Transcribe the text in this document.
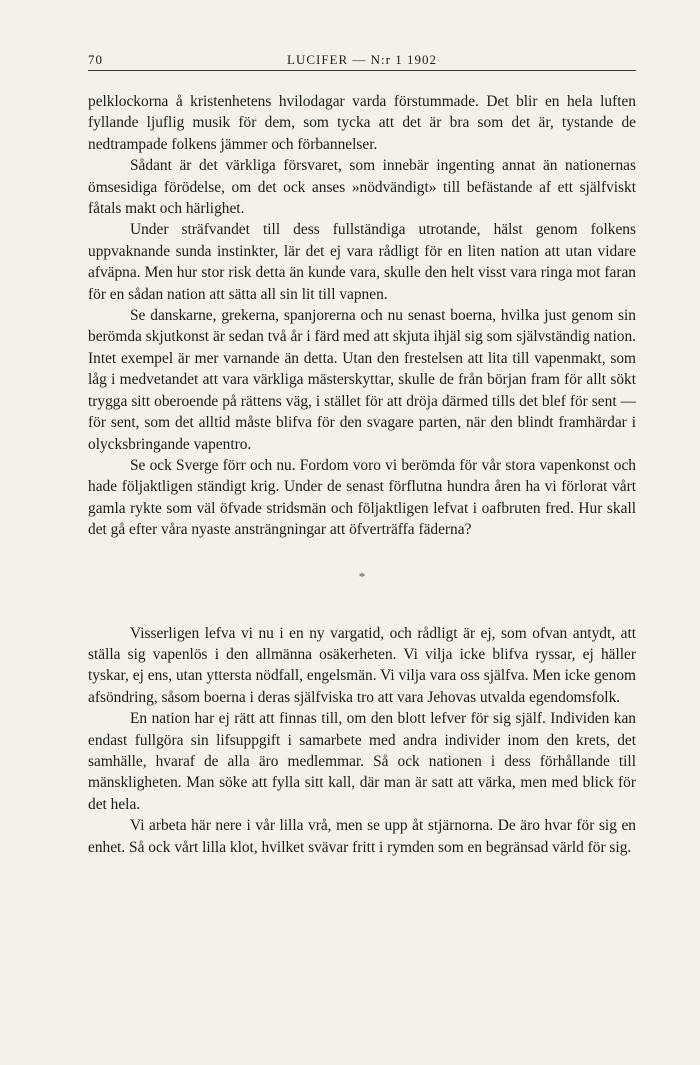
70	LUCIFER — N:r 1 1902

pelklockorna å kristenhetens hvilodagar varda förstummade. Det blir en hela luften fyllande ljuflig musik för dem, som tycka att det är bra som det är, tystande de nedtrampade folkens jämmer och förbannelser.

Sådant är det värkliga försvaret, som innebär ingenting annat än nationernas ömsesidiga förödelse, om det ock anses »nödvändigt» till befästande af ett själfviskt fåtals makt och härlighet.

Under sträfvandet till dess fullständiga utrotande, hälst genom folkens uppvaknande sunda instinkter, lär det ej vara rådligt för en liten nation att utan vidare afväpna. Men hur stor risk detta än kunde vara, skulle den helt visst vara ringa mot faran för en sådan nation att sätta all sin lit till vapnen.

Se danskarne, grekerna, spanjorerna och nu senast boerna, hvilka just genom sin berömda skjutkonst är sedan två år i färd med att skjuta ihjäl sig som självständig nation. Intet exempel är mer varnande än detta. Utan den frestelsen att lita till vapenmakt, som låg i medvetandet att vara värkliga mästerskyttar, skulle de från början fram för allt sökt trygga sitt oberoende på rättens väg, i stället för att dröja därmed tills det blef för sent — för sent, som det alltid måste blifva för den svagare parten, när den blindt framhärdar i olycksbringande vapentro.

Se ock Sverge förr och nu. Fordom voro vi berömda för vår stora vapenkonst och hade följaktligen ständigt krig. Under de senast förflutna hundra åren ha vi förlorat vårt gamla rykte som väl öfvade stridsmän och följaktligen lefvat i oafbruten fred. Hur skall det gå efter våra nyaste ansträngningar att öfverträffa fäderna?

*

Visserligen lefva vi nu i en ny vargatid, och rådligt är ej, som ofvan antydt, att ställa sig vapenlös i den allmänna osäkerheten. Vi vilja icke blifva ryssar, ej häller tyskar, ej ens, utan yttersta nödfall, engelsmän. Vi vilja vara oss själfva. Men icke genom afsöndring, såsom boerna i deras själfviska tro att vara Jehovas utvalda egendomsfolk.

En nation har ej rätt att finnas till, om den blott lefver för sig själf. Individen kan endast fullgöra sin lifsuppgift i samarbete med andra individer inom den krets, det samhälle, hvaraf de alla äro medlemmar. Så ock nationen i dess förhållande till mänskligheten. Man söke att fylla sitt kall, där man är satt att värka, men med blick för det hela.

Vi arbeta här nere i vår lilla vrå, men se upp åt stjärnorna. De äro hvar för sig en enhet. Så ock vårt lilla klot, hvilket svävar fritt i rymden som en begränsad värld för sig.
